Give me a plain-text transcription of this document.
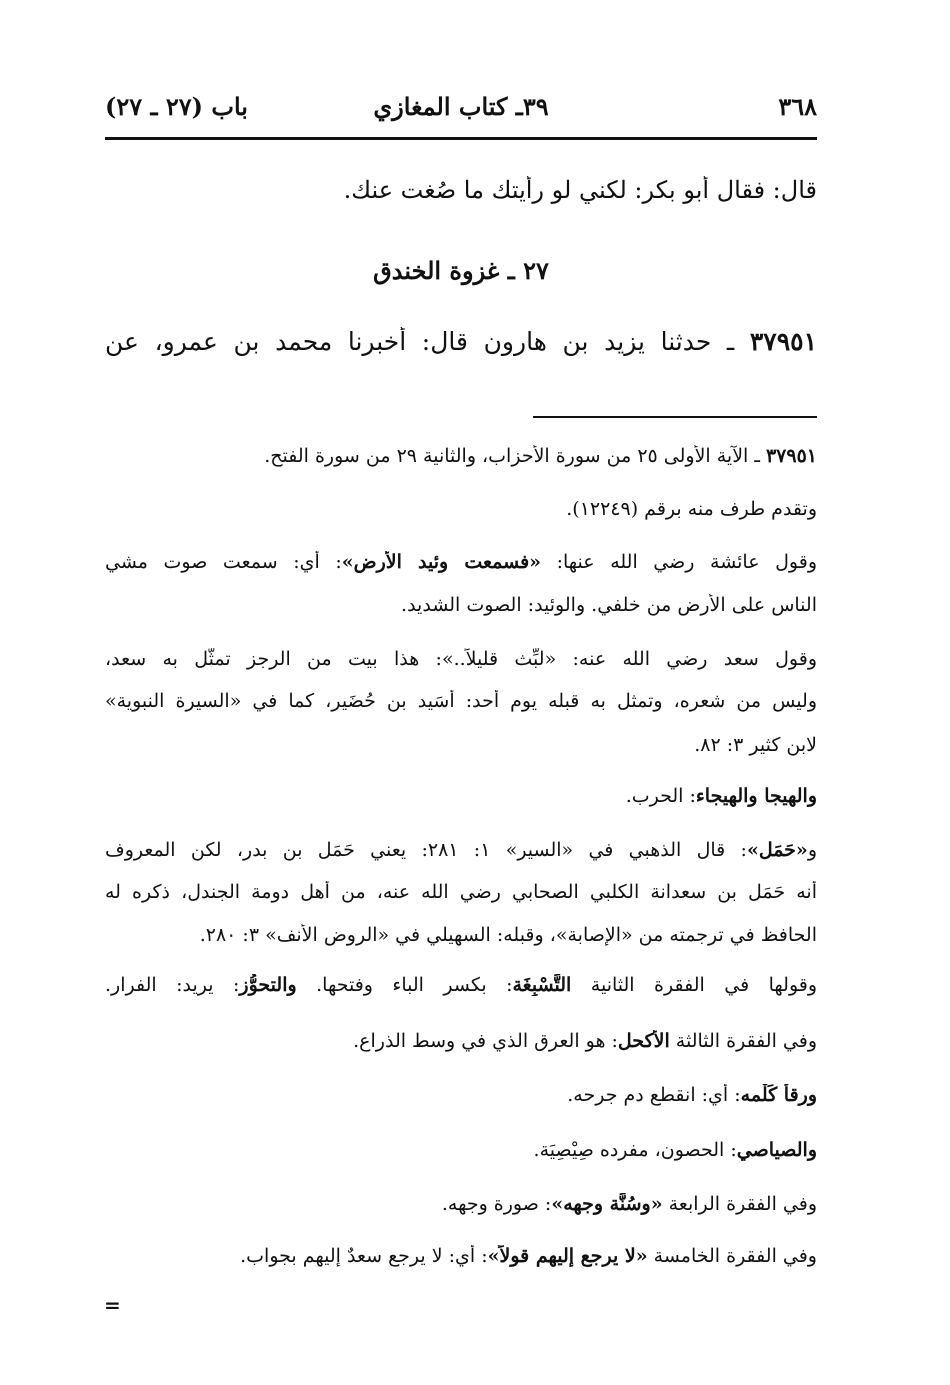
٣٦٨
٣٩ـ كتاب المغازي
باب (٢٧ ـ ٢٧)
قال: فقال أبو بكر: لكني لو رأيتك ما صُغت عنك.
٢٧ ـ غزوة الخندق
٣٧٩٥١ ـ حدثنا يزيد بن هارون قال: أخبرنا محمد بن عمرو، عن
٣٧٩٥١ ـ الآية الأولى ٢٥ من سورة الأحزاب، والثانية ٢٩ من سورة الفتح.
وتقدم طرف منه برقم (١٢٢٤٩).
وقول عائشة رضي الله عنها: «فسمعت وئيد الأرض»: أي: سمعت صوت مشي
الناس على الأرض من خلفي. والوئيد: الصوت الشديد.
وقول سعد رضي الله عنه: «لبِّث قليلاً..»: هذا بيت من الرجز تمثَّل به سعد،
وليس من شعره، وتمثل به قبله يوم أحد: أُسَيد بن حُضَير، كما في «السيرة النبوية»
لابن كثير ٣: ٨٢.
والهيجا والهيجاء: الحرب.
و«حَمَل»: قال الذهبي في «السير» ١: ٢٨١: يعني حَمَل بن بدر، لكن المعروف
أنه حَمَل بن سعدانة الكلبي الصحابي رضي الله عنه، من أهل دومة الجندل، ذكره له
الحافظ في ترجمته من «الإصابة»، وقبله: السهيلي في «الروض الأنف» ٣: ٢٨٠.
وقولها في الفقرة الثانية التَّسْبِغَة: بكسر الباء وفتحها. والتحوُّز: يريد: الفرار.
وفي الفقرة الثالثة الأكحل: هو العرق الذي في وسط الذراع.
ورقأ كَلْمه: أي: انقطع دم جرحه.
والصياصي: الحصون، مفرده صِيْصِيَة.
وفي الفقرة الرابعة «وسُنَّة وجهه»: صورة وجهه.
وفي الفقرة الخامسة «لا يرجع إليهم قولاً»: أي: لا يرجع سعدٌ إليهم بجواب.
=
